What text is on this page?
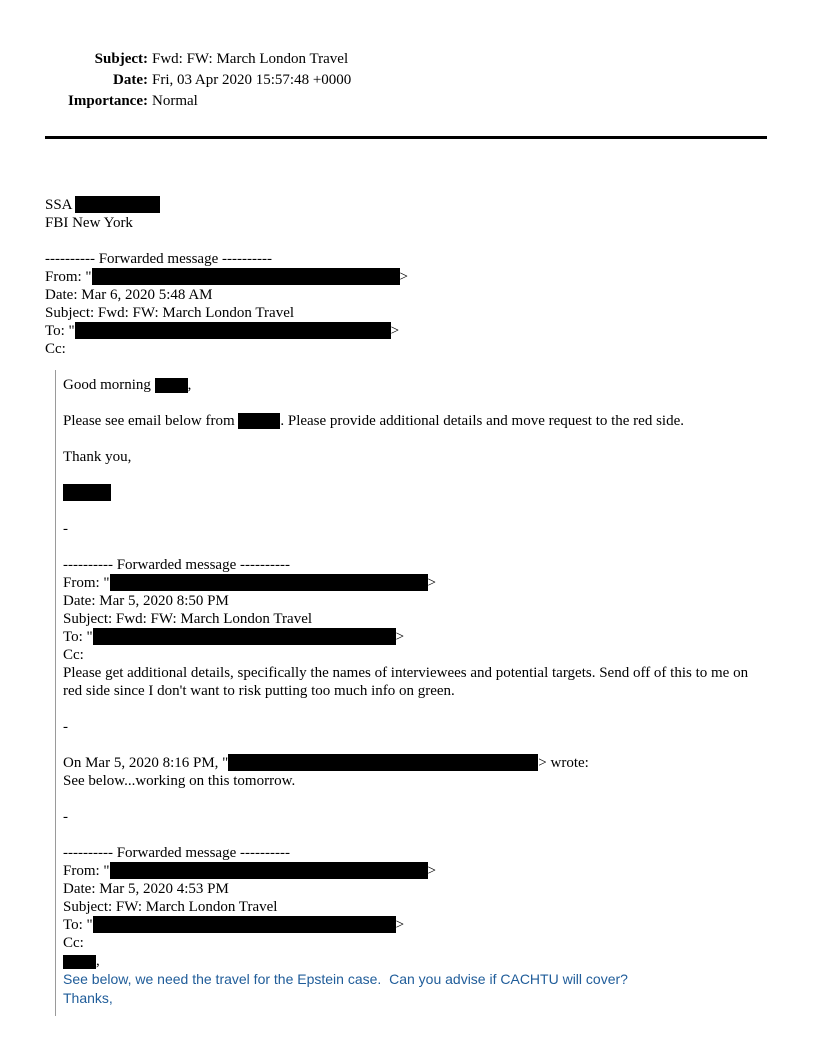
Subject:	Fwd: FW: March London Travel
Date:	Fri, 03 Apr 2020 15:57:48 +0000
Importance:	Normal
SSA
FBI New York
---------- Forwarded message ----------
From: "	>
Date: Mar 6, 2020 5:48 AM
Subject: Fwd: FW: March London Travel
To: "	>
Cc:
Good morning ,
Please see email below from	. Please provide additional details and move request to the red side.
Thank you,
-
---------- Forwarded message ----------
From: "	>
Date: Mar 5, 2020 8:50 PM
Subject: Fwd: FW: March London Travel
To: "	>
Cc:
Please get additional details, specifically the names of interviewees and potential targets. Send off of this to me on red side since I don't want to risk putting too much info on green.
-
On Mar 5, 2020 8:16 PM, "	> wrote:
See below...working on this tomorrow.
-
---------- Forwarded message ----------
From: "	>
Date: Mar 5, 2020 4:53 PM
Subject: FW: March London Travel
To: "	>
Cc:
,
See below, we need the travel for the Epstein case.  Can you advise if CACHTU will cover?
Thanks,
